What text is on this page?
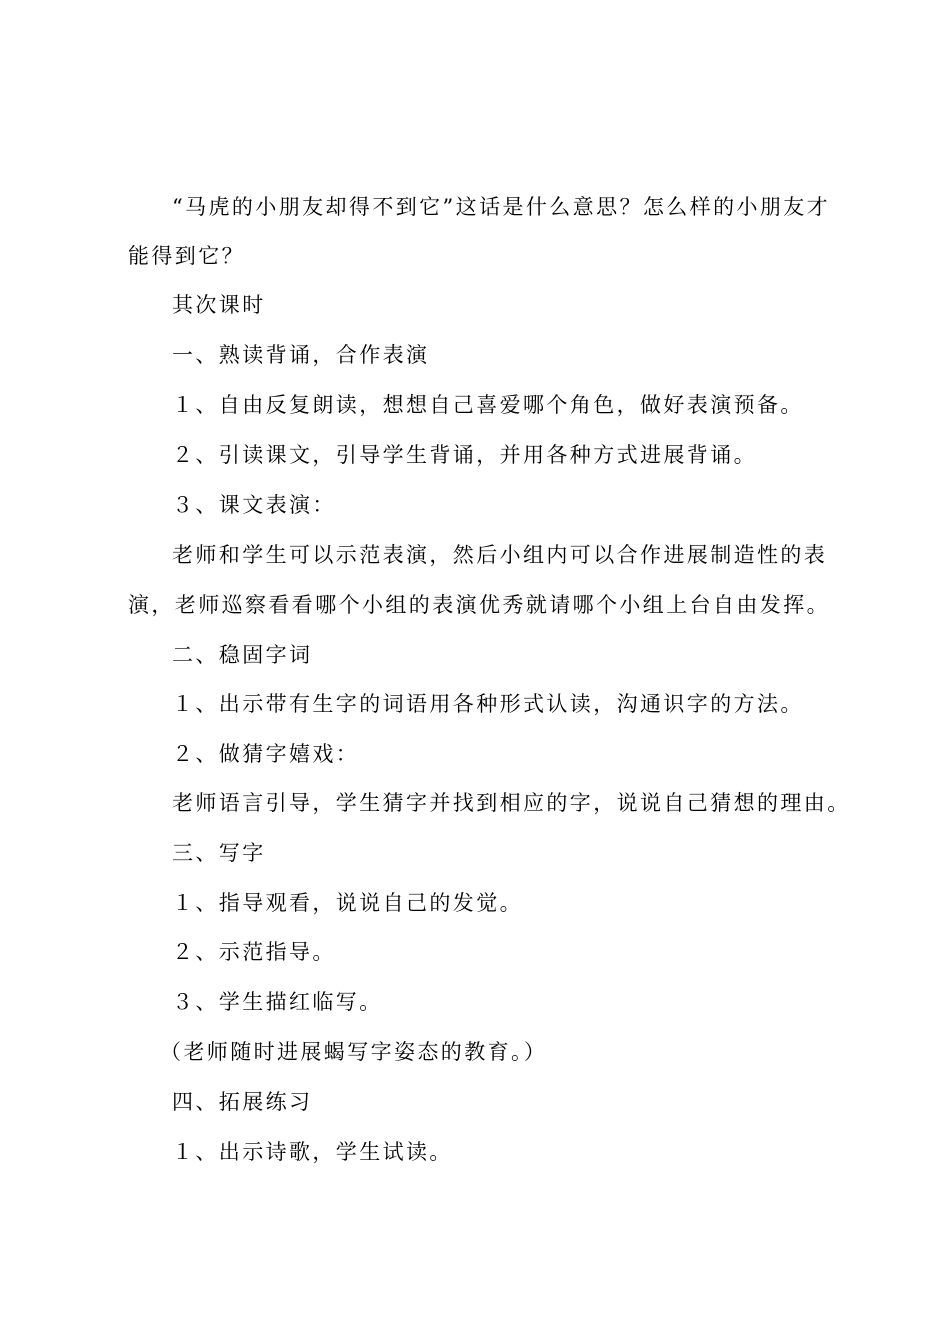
“马虎的小朋友却得不到它”这话是什么意思？怎么样的小朋友才
能得到它？
其次课时
一、熟读背诵，合作表演
１、自由反复朗读，想想自己喜爱哪个角色，做好表演预备。
２、引读课文，引导学生背诵，并用各种方式进展背诵。
３、课文表演：
老师和学生可以示范表演，然后小组内可以合作进展制造性的表
演，老师巡察看看哪个小组的表演优秀就请哪个小组上台自由发挥。
二、稳固字词
１、出示带有生字的词语用各种形式认读，沟通识字的方法。
２、做猜字嬉戏：
老师语言引导，学生猜字并找到相应的字，说说自己猜想的理由。
三、写字
１、指导观看，说说自己的发觉。
２、示范指导。
３、学生描红临写。
（老师随时进展蝎写字姿态的教育。）
四、拓展练习
１、出示诗歌，学生试读。
